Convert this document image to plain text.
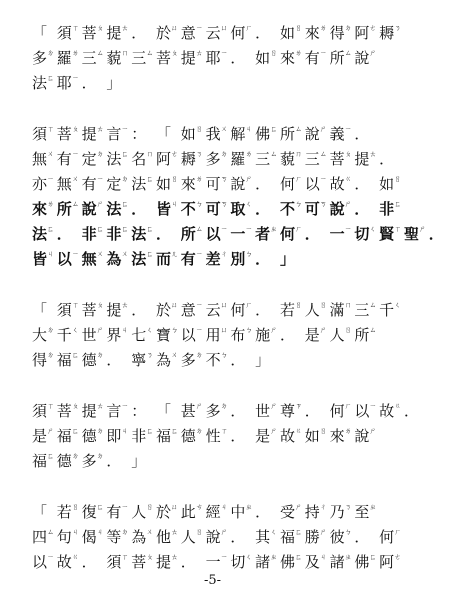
「 須ㄒ 菩ㄆ 提ㄊ ． 於ㄩ 意ㄧ 云ㄩ 何ㄏ ． 如ㄖ 來ㄌ 得ㄉ 阿ㄜ 耨ㄋ
多ㄉ 羅ㄌ 三ㄙ 藐ㄇ 三ㄙ 菩ㄆ 提ㄊ 耶ㄧ ． 如ㄖ 來ㄌ 有ㄧ 所ㄙ 說ㄕ
法ㄈ 耶ㄧ ． 」
須ㄒ 菩ㄆ 提ㄊ 言ㄧ ： 「 如ㄖ 我ㄨ 解ㄐ 佛ㄈ 所ㄙ 說ㄕ 義ㄧ ．
無ㄨ 有ㄧ 定ㄉ 法ㄈ 名ㄇ 阿ㄜ 耨ㄋ 多ㄉ 羅ㄌ 三ㄙ 藐ㄇ 三ㄙ 菩ㄆ 提ㄊ ．
亦ㄧ 無ㄨ 有ㄧ 定ㄉ 法ㄈ 如ㄖ 來ㄌ 可ㄎ 說ㄕ ． 何ㄏ 以ㄧ 故ㄍ ． 如ㄖ
來ㄌ 所ㄙ 說ㄕ 法ㄈ ． 皆ㄐ 不ㄅ 可ㄎ 取ㄑ ． 不ㄅ 可ㄎ 說ㄕ ． 非ㄈ
法ㄈ ． 非ㄈ 非ㄈ 法ㄈ ． 所ㄙ 以ㄧ 一ㄧ 者ㄓ 何ㄏ ． 一ㄧ 切ㄑ 賢ㄒ 聖ㄕ ．
皆ㄐ 以ㄧ 無ㄨ 為ㄨ 法ㄈ 而ㄦ 有ㄧ 差ㄔ 別ㄅ ． 」
「 須ㄒ 菩ㄆ 提ㄊ ． 於ㄩ 意ㄧ 云ㄩ 何ㄏ ． 若ㄖ 人ㄖ 滿ㄇ 三ㄙ 千ㄑ
大ㄉ 千ㄑ 世ㄕ 界ㄐ 七ㄑ 寶ㄅ 以ㄧ 用ㄩ 布ㄅ 施ㄕ ． 是ㄕ 人ㄖ 所ㄙ
得ㄉ 福ㄈ 德ㄉ ． 寧ㄋ 為ㄨ 多ㄉ 不ㄅ ． 」
須ㄒ 菩ㄆ 提ㄊ 言ㄧ ： 「 甚ㄕ 多ㄉ ． 世ㄕ 尊ㄗ ． 何ㄏ 以ㄧ 故ㄍ ．
是ㄕ 福ㄈ 德ㄉ 即ㄐ 非ㄈ 福ㄈ 德ㄉ 性ㄒ ． 是ㄕ 故ㄍ 如ㄖ 來ㄌ 說ㄕ
福ㄈ 德ㄉ 多ㄉ ． 」
「 若ㄖ 復ㄈ 有ㄧ 人ㄖ 於ㄩ 此ㄘ 經ㄐ 中ㄓ ． 受ㄕ 持ㄔ 乃ㄋ 至ㄓ
四ㄙ 句ㄐ 偈ㄐ 等ㄉ 為ㄨ 他ㄊ 人ㄖ 說ㄕ ． 其ㄑ 福ㄈ 勝ㄕ 彼ㄅ ． 何ㄏ
以ㄧ 故ㄍ ． 須ㄒ 菩ㄆ 提ㄊ ． 一ㄧ 切ㄑ 諸ㄓ 佛ㄈ 及ㄐ 諸ㄓ 佛ㄈ 阿ㄜ
-5-
